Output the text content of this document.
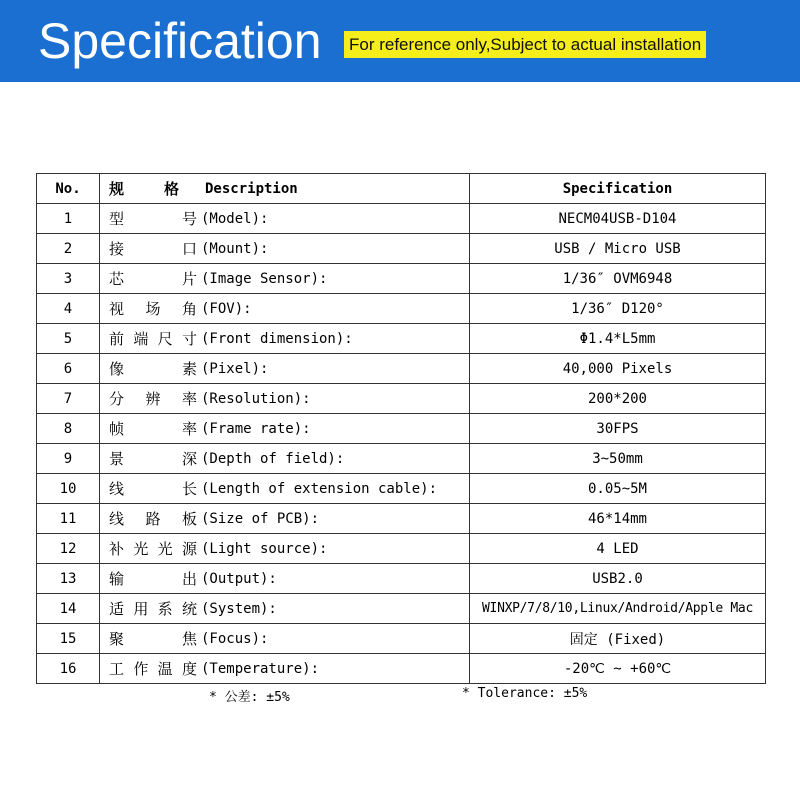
Specification For reference only,Subject to actual installation
No.	规 格 Description	Specification
1	型号 (Model):	NECM04USB-D104
2	接口 (Mount):	USB / Micro USB
3	芯片 (Image Sensor):	1/36″ OVM6948
4	视场角 (FOV):	1/36″ D120°
5	前端尺寸 (Front dimension):	Φ1.4*L5mm
6	像素 (Pixel):	40,000 Pixels
7	分辨率 (Resolution):	200*200
8	帧率 (Frame rate):	30FPS
9	景深 (Depth of field):	3~50mm
10	线长 (Length of extension cable):	0.05~5M
11	线路板 (Size of PCB):	46*14mm
12	补光光源 (Light source):	4 LED
13	输出 (Output):	USB2.0
14	适用系统 (System):	WINXP/7/8/10,Linux/Android/Apple Mac
15	聚焦 (Focus):	固定 (Fixed)
16	工作温度 (Temperature):	-20℃ ~ +60℃
* 公差: ±5%	* Tolerance: ±5%
